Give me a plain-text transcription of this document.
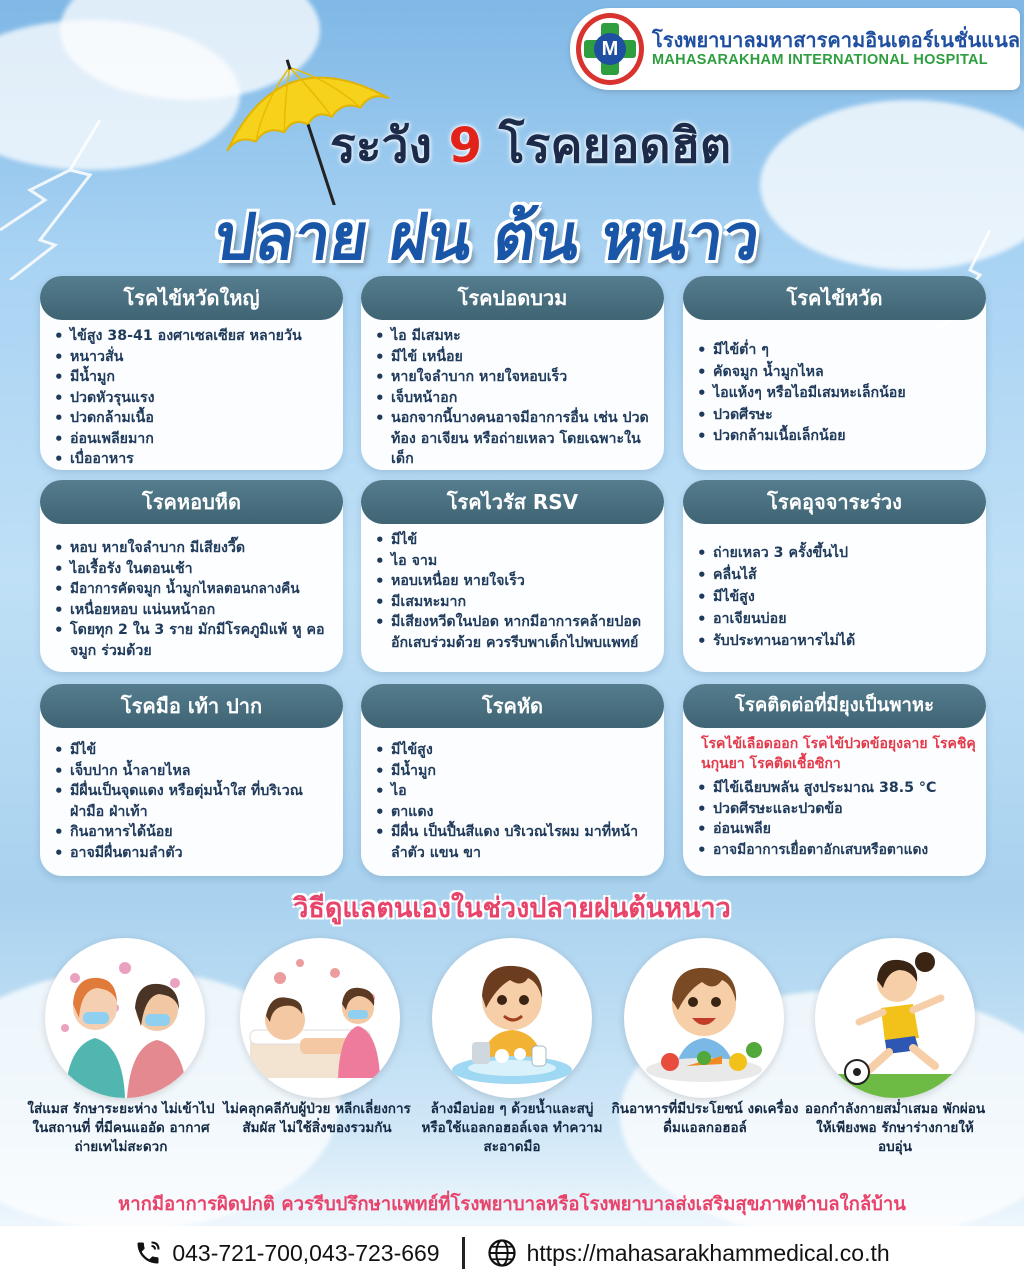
M	โรงพยาบาลมหาสารคามอินเตอร์เนชั่นแนล
MAHASARAKHAM INTERNATIONAL HOSPITAL
ระวัง 9 โรคยอดฮิต
ปลาย ฝน ต้น หนาว
โรคไข้หวัดใหญ่
• ไข้สูง 38-41 องศาเซลเซียส หลายวัน
• หนาวสั่น
• มีน้ำมูก
• ปวดหัวรุนแรง
• ปวดกล้ามเนื้อ
• อ่อนเพลียมาก
• เบื่ออาหาร
โรคปอดบวม
• ไอ มีเสมหะ
• มีไข้ เหนื่อย
• หายใจลำบาก หายใจหอบเร็ว
• เจ็บหน้าอก
• นอกจากนี้บางคนอาจมีอาการอื่น เช่น ปวดท้อง อาเจียน หรือถ่ายเหลว โดยเฉพาะในเด็ก
โรคไข้หวัด
• มีไข้ต่ำ ๆ
• คัดจมูก น้ำมูกไหล
• ไอแห้งๆ หรือไอมีเสมหะเล็กน้อย
• ปวดศีรษะ
• ปวดกล้ามเนื้อเล็กน้อย
โรคหอบหืด
• หอบ หายใจลำบาก มีเสียงวี๊ด
• ไอเรื้อรัง ในตอนเช้า
• มีอาการคัดจมูก น้ำมูกไหลตอนกลางคืน
• เหนื่อยหอบ แน่นหน้าอก
• โดยทุก 2 ใน 3 ราย มักมีโรคภูมิแพ้ หู คอ จมูก ร่วมด้วย
โรคไวรัส RSV
• มีไข้
• ไอ จาม
• หอบเหนื่อย หายใจเร็ว
• มีเสมหะมาก
• มีเสียงหวีดในปอด หากมีอาการคล้ายปอดอักเสบร่วมด้วย ควรรีบพาเด็กไปพบแพทย์
โรคอุจจาระร่วง
• ถ่ายเหลว 3 ครั้งขึ้นไป
• คลื่นไส้
• มีไข้สูง
• อาเจียนบ่อย
• รับประทานอาหารไม่ได้
โรคมือ เท้า ปาก
• มีไข้
• เจ็บปาก น้ำลายไหล
• มีผื่นเป็นจุดแดง หรือตุ่มน้ำใส ที่บริเวณฝ่ามือ ฝ่าเท้า
• กินอาหารได้น้อย
• อาจมีผื่นตามลำตัว
โรคหัด
• มีไข้สูง
• มีน้ำมูก
• ไอ
• ตาแดง
• มีผื่น เป็นปื้นสีแดง บริเวณไรผม มาที่หน้า ลำตัว แขน ขา
โรคติดต่อที่มียุงเป็นพาหะ
โรคไข้เลือดออก โรคไข้ปวดข้อยุงลาย โรคชิคุนกุนยา โรคติดเชื้อซิกา
• มีไข้เฉียบพลัน สูงประมาณ 38.5 °C
• ปวดศีรษะและปวดข้อ
• อ่อนเพลีย
• อาจมีอาการเยื่อตาอักเสบหรือตาแดง
วิธีดูแลตนเองในช่วงปลายฝนต้นหนาว
ใส่แมส รักษาระยะห่าง ไม่เข้าไปในสถานที่ ที่มีคนแออัด อากาศถ่ายเทไม่สะดวก
ไม่คลุกคลีกับผู้ป่วย หลีกเลี่ยงการสัมผัส ไม่ใช้สิ่งของรวมกัน
ล้างมือบ่อย ๆ ด้วยน้ำและสบู่ หรือใช้แอลกอฮอล์เจล ทำความสะอาดมือ
กินอาหารที่มีประโยชน์ งดเครื่องดื่มแอลกอฮอล์
ออกกำลังกายสม่ำเสมอ พักผ่อนให้เพียงพอ รักษาร่างกายให้อบอุ่น
หากมีอาการผิดปกติ ควรรีบปรึกษาแพทย์ที่โรงพยาบาลหรือโรงพยาบาลส่งเสริมสุขภาพตำบลใกล้บ้าน
043-721-700,043-723-669	https://mahasarakhammedical.co.th
